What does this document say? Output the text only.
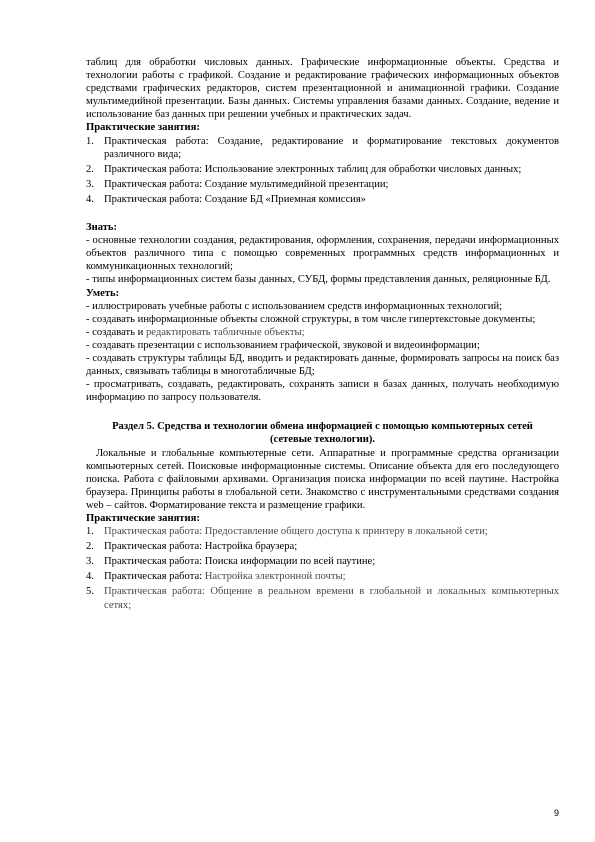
таблиц для обработки числовых данных. Графические информационные объекты. Средства и технологии работы с графикой. Создание и редактирование графических информационных объектов средствами графических редакторов, систем презентационной и анимационной графики. Создание мультимедийной презентации. Базы данных. Системы управления базами данных. Создание, ведение и использование баз данных при решении учебных и практических задач.

Практические занятия:

1. Практическая работа: Создание, редактирование и форматирование текстовых документов различного вида;
2. Практическая работа: Использование электронных таблиц для обработки числовых данных;
3. Практическая работа: Создание мультимедийной презентации;
4. Практическая работа: Создание БД «Приемная комиссия»

Знать:

- основные технологии создания, редактирования, оформления, сохранения, передачи информационных объектов различного типа с помощью современных программных средств информационных и коммуникационных технологий;

- типы информационных систем базы данных, СУБД, формы представления данных, реляционные БД.

Уметь:

- иллюстрировать учебные работы с использованием средств информационных технологий;

- создавать информационные объекты сложной структуры, в том числе гипертекстовые документы;

- создавать и редактировать табличные объекты;

- создавать презентации с использованием графической, звуковой и видеоинформации;

- создавать структуры таблицы БД, вводить и редактировать данные, формировать запросы на поиск баз данных, связывать таблицы в многотабличные БД;

- просматривать, создавать, редактировать, сохранять записи в базах данных, получать необходимую информацию по запросу пользователя.

Раздел 5. Средства и технологии обмена информацией с помощью компьютерных сетей (сетевые технологии).

Локальные и глобальные компьютерные сети. Аппаратные и программные средства организации компьютерных сетей. Поисковые информационные системы. Описание объекта для его последующего поиска. Работа с файловыми архивами. Организация поиска информации по всей паутине. Настройка браузера. Принципы работы в глобальной сети. Знакомство с инструментальными средствами создания web – сайтов. Форматирование текста и размещение графики.

Практические занятия:

1. Практическая работа: Предоставление общего доступа к принтеру в локальной сети;
2. Практическая работа: Настройка браузера;
3. Практическая работа: Поиска информации по всей паутине;
4. Практическая работа: Настройка электронной почты;
5. Практическая работа: Общение в реальном времени в глобальной и локальных компьютерных сетях;
9
